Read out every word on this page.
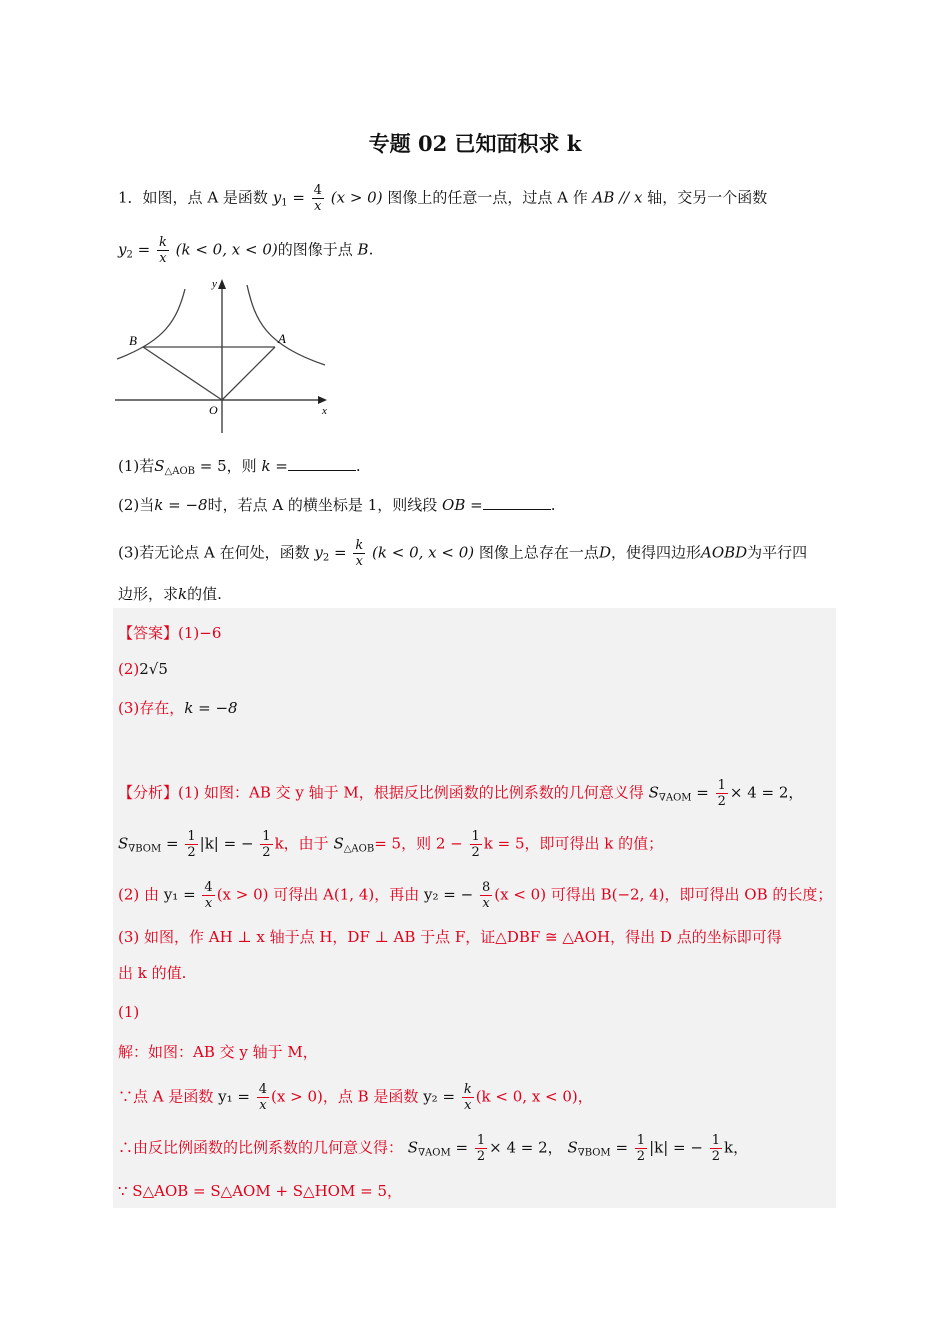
专题 02 已知面积求 k
1．如图，点 A 是函数 $y_1 = \frac{4}{x} (x > 0)$ 图像上的任意一点，过点 A 作 AB // x 轴，交另一个函数
$y_2 = \frac{k}{x} (k < 0$, x < 0)的图像于点 B.
y
x
O
A
B
(1)若$S_{\triangle AOB} = 5$，则 k =	.
(2)当k = −8时，若点 A 的横坐标是 1，则线段 OB =	.
(3)若无论点 A 在何处，函数 $y_2 = \frac{k}{x} (k < 0$, x < 0) 图像上总存在一点D，使得四边形AOBD为平行四
边形，求k的值.
【答案】(1)−6
(2)2√5
(3)存在，k = −8
【分析】(1) 如图：AB 交 y 轴于 M，根据反比例函数的比例系数的几何意义得 $S_{\nabla AOM} = \frac{1}{2} \times 4 = 2$，
$S_{\nabla BOM} = \frac{1}{2} |k|$ = − $\frac{1}{2}$ k，由于 $S_{\triangle AOB}= 5$，则 $2 - \frac{1}{2}$ k = 5，即可得出 k 的值；
(2) 由 $y_1 = \frac{4}{x} (x > 0)$ 可得出 A(1, 4)，再由 y₂ = − $\frac{8}{x} (x < 0)$ 可得出 B(−2, 4)，即可得出 OB 的长度；
(3) 如图，作 AH ⊥ x 轴于点 H，DF ⊥ AB 于点 F，证△DBF ≅ △AOH，得出 D 点的坐标即可得
出 k 的值.
(1)
解：如图：AB 交 y 轴于 M，
∵点 A 是函数 $y_1 = \frac{4}{x} (x > 0)$，点 B 是函数 $y_2 = \frac{k}{x} (k < 0$, x < 0)，
∴由反比例函数的比例系数的几何意义得： $S_{\nabla AOM} = \frac{1}{2} \times 4 = 2$， $S_{\nabla BOM} = \frac{1}{2} |k|$ = − $\frac{1}{2}$ k，
∵ S△AOB = S△AOM + S△HOM = 5，
